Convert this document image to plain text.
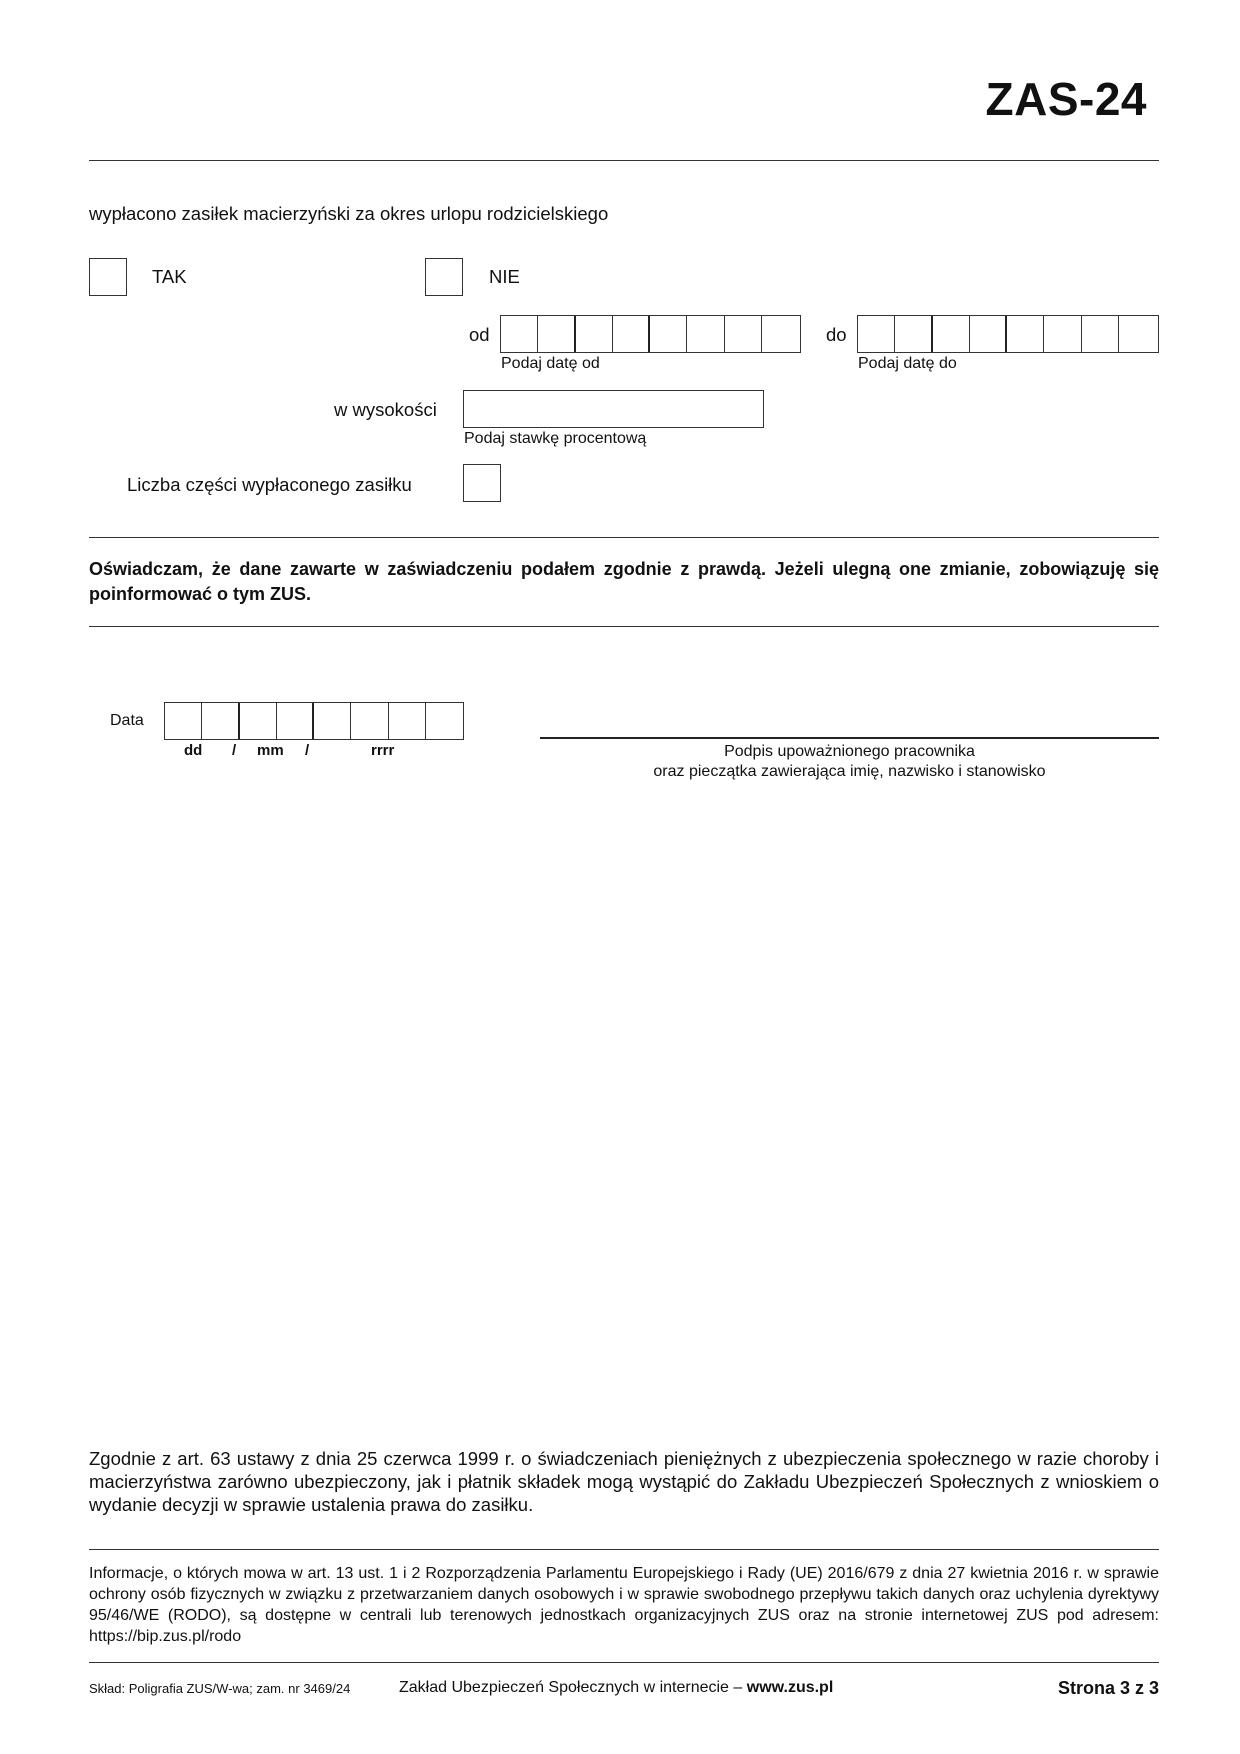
ZAS-24
wypłacono zasiłek macierzyński za okres urlopu rodzicielskiego
TAK	NIE
od
Podaj datę od
do
Podaj datę do
w wysokości
Podaj stawkę procentową
Liczba części wypłaconego zasiłku
Oświadczam, że dane zawarte w zaświadczeniu podałem zgodnie z prawdą. Jeżeli ulegną one zmianie, zobowiązuję się poinformować o tym ZUS.
Data
dd / mm /	rrrr	Podpis upoważnionego pracownika
oraz pieczątka zawierająca imię, nazwisko i stanowisko
Zgodnie z art. 63 ustawy z dnia 25 czerwca 1999 r. o świadczeniach pieniężnych z ubezpieczenia społecznego w razie choroby i macierzyństwa zarówno ubezpieczony, jak i płatnik składek mogą wystąpić do Zakładu Ubezpieczeń Społecznych z wnioskiem o wydanie decyzji w sprawie ustalenia prawa do zasiłku.
Informacje, o których mowa w art. 13 ust. 1 i 2 Rozporządzenia Parlamentu Europejskiego i Rady (UE) 2016/679 z dnia 27 kwietnia 2016 r. w sprawie ochrony osób fizycznych w związku z przetwarzaniem danych osobowych i w sprawie swobodnego przepływu takich danych oraz uchylenia dyrektywy 95/46/WE (RODO), są dostępne w centrali lub terenowych jednostkach organizacyjnych ZUS oraz na stronie internetowej ZUS pod adresem: https://bip.zus.pl/rodo
Skład: Poligrafia ZUS/W-wa; zam. nr 3469/24	Zakład Ubezpieczeń Społecznych w internecie – www.zus.pl	Strona 3 z 3
